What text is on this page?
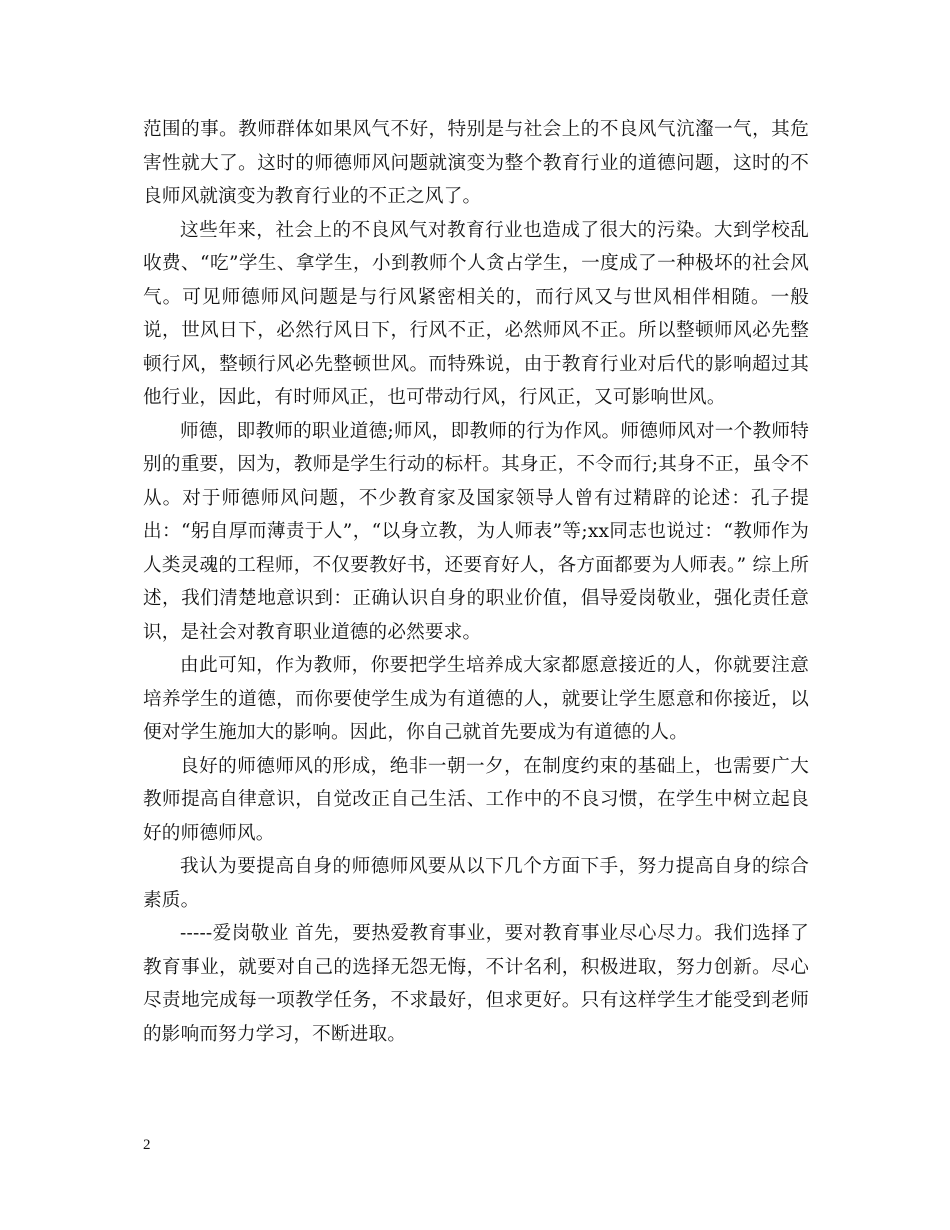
范围的事。教师群体如果风气不好，特别是与社会上的不良风气沆瀣一气，其危害性就大了。这时的师德师风问题就演变为整个教育行业的道德问题，这时的不良师风就演变为教育行业的不正之风了。

这些年来，社会上的不良风气对教育行业也造成了很大的污染。大到学校乱收费、“吃”学生、拿学生，小到教师个人贪占学生，一度成了一种极坏的社会风气。可见师德师风问题是与行风紧密相关的，而行风又与世风相伴相随。一般说，世风日下，必然行风日下，行风不正，必然师风不正。所以整顿师风必先整顿行风，整顿行风必先整顿世风。而特殊说，由于教育行业对后代的影响超过其他行业，因此，有时师风正，也可带动行风，行风正，又可影响世风。

师德，即教师的职业道德;师风，即教师的行为作风。师德师风对一个教师特别的重要，因为，教师是学生行动的标杆。其身正，不令而行;其身不正，虽令不从。对于师德师风问题，不少教育家及国家领导人曾有过精辟的论述：孔子提出：“躬自厚而薄责于人”，“以身立教，为人师表”等;xx同志也说过：“教师作为人类灵魂的工程师，不仅要教好书，还要育好人，各方面都要为人师表。” 综上所述，我们清楚地意识到：正确认识自身的职业价值，倡导爱岗敬业，强化责任意识，是社会对教育职业道德的必然要求。

由此可知，作为教师，你要把学生培养成大家都愿意接近的人，你就要注意培养学生的道德，而你要使学生成为有道德的人，就要让学生愿意和你接近，以便对学生施加大的影响。因此，你自己就首先要成为有道德的人。

良好的师德师风的形成，绝非一朝一夕，在制度约束的基础上，也需要广大教师提高自律意识，自觉改正自己生活、工作中的不良习惯，在学生中树立起良好的师德师风。

我认为要提高自身的师德师风要从以下几个方面下手，努力提高自身的综合素质。

-----爱岗敬业 首先，要热爱教育事业，要对教育事业尽心尽力。我们选择了教育事业，就要对自己的选择无怨无悔，不计名利，积极进取，努力创新。尽心尽责地完成每一项教学任务，不求最好，但求更好。只有这样学生才能受到老师的影响而努力学习，不断进取。

2
